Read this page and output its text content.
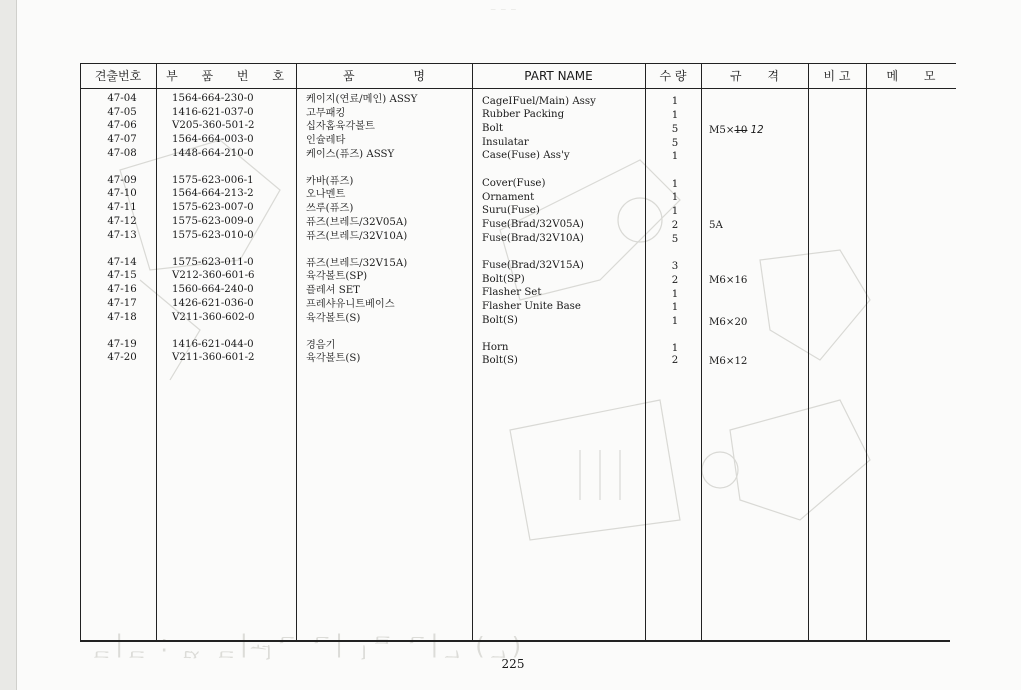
⁻ ⁻ ⁻
ᄃ|ᄃ : ᄃᄉ ᄃ|ᅯᆫ ᆫ|ᅵᆯ ᆫ|ᄀ (ᄀ)
견출번호	부 품 번 호	품 명	PART NAME	수 량	규 격	비 고	메 모
47-04	1564-664-230-0	케이지(연료/메인) ASSY	CageIFuel/Main) Assy	1
47-05	1416-621-037-0	고무패킹	Rubber Packing	1
47-06	V205-360-501-2	십자홈육각볼트	Bolt	5	M5×10 12
47-07	1564-664-003-0	인슐레타	Insulatar	5
47-08	1448-664-210-0	케이스(퓨즈) ASSY	Case(Fuse) Ass'y	1
47-09	1575-623-006-1	카바(퓨즈)	Cover(Fuse)	1
47-10	1564-664-213-2	오나멘트	Ornament	1
47-11	1575-623-007-0	쓰루(퓨즈)	Suru(Fuse)	1
47-12	1575-623-009-0	퓨즈(브레드/32V05A)	Fuse(Brad/32V05A)	2	5A
47-13	1575-623-010-0	퓨즈(브레드/32V10A)	Fuse(Brad/32V10A)	5
47-14	1575-623-011-0	퓨즈(브레드/32V15A)	Fuse(Brad/32V15A)	3
47-15	V212-360-601-6	육각볼트(SP)	Bolt(SP)	2	M6×16
47-16	1560-664-240-0	플레셔 SET	Flasher Set	1
47-17	1426-621-036-0	프레샤유니트베이스	Flasher Unite Base	1
47-18	V211-360-602-0	육각볼트(S)	Bolt(S)	1	M6×20
47-19	1416-621-044-0	경음기	Horn	1
47-20	V211-360-601-2	육각볼트(S)	Bolt(S)	2	M6×12
225
